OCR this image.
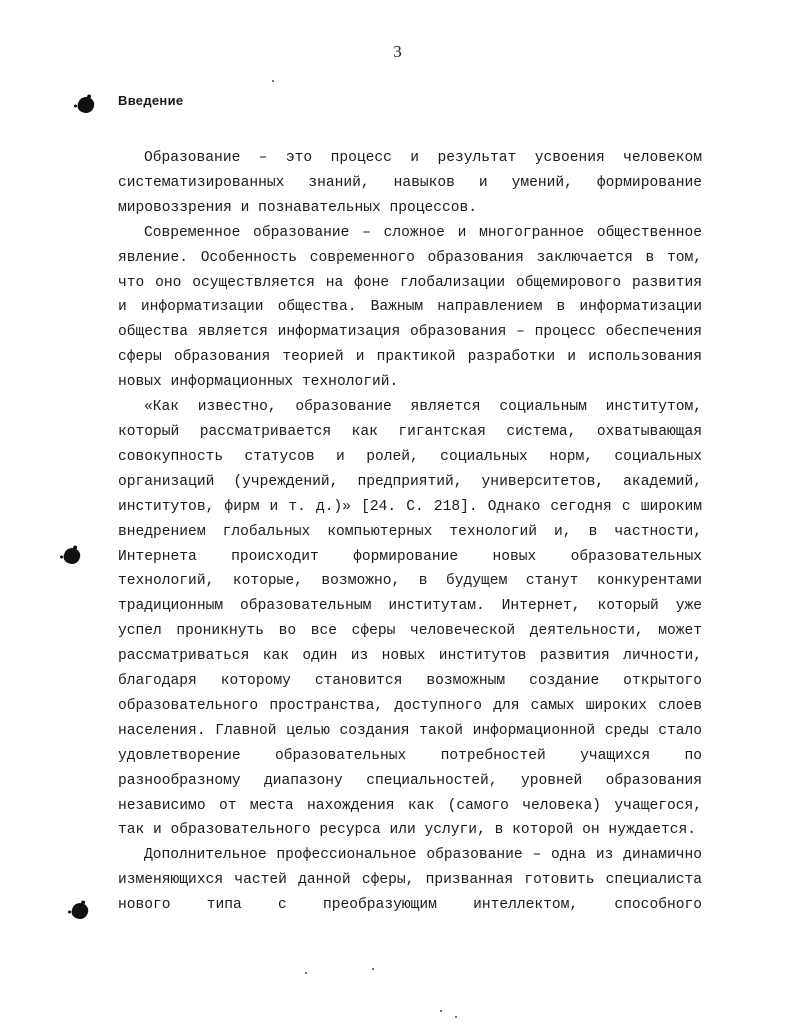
3
Введение

Образование – это процесс и результат усвоения человеком систематизированных знаний, навыков и умений, формирование мировоззрения и познавательных процессов.

Современное образование – сложное и многогранное общественное явление. Особенность современного образования заключается в том, что оно осуществляется на фоне глобализации общемирового развития и информатизации общества. Важным направлением в информатизации общества является информатизация образования – процесс обеспечения сферы образования теорией и практикой разработки и использования новых информационных технологий.

«Как известно, образование является социальным институтом, который рассматривается как гигантская система, охватывающая совокупность статусов и ролей, социальных норм, социальных организаций (учреждений, предприятий, университетов, академий, институтов, фирм и т. д.)» [24. С. 218]. Однако сегодня с широким внедрением глобальных компьютерных технологий и, в частности, Интернета происходит формирование новых образовательных технологий, которые, возможно, в будущем станут конкурентами традиционным образовательным институтам. Интернет, который уже успел проникнуть во все сферы человеческой деятельности, может рассматриваться как один из новых институтов развития личности, благодаря которому становится возможным создание открытого образовательного пространства, доступного для самых широких слоев населения. Главной целью создания такой информационной среды стало удовлетворение образовательных потребностей учащихся по разнообразному диапазону специальностей, уровней образования независимо от места нахождения как (самого человека) учащегося, так и образовательного ресурса или услуги, в которой он нуждается.

Дополнительное профессиональное образование – одна из динамично изменяющихся частей данной сферы, призванная готовить специалиста нового типа с преобразующим интеллектом, способного
